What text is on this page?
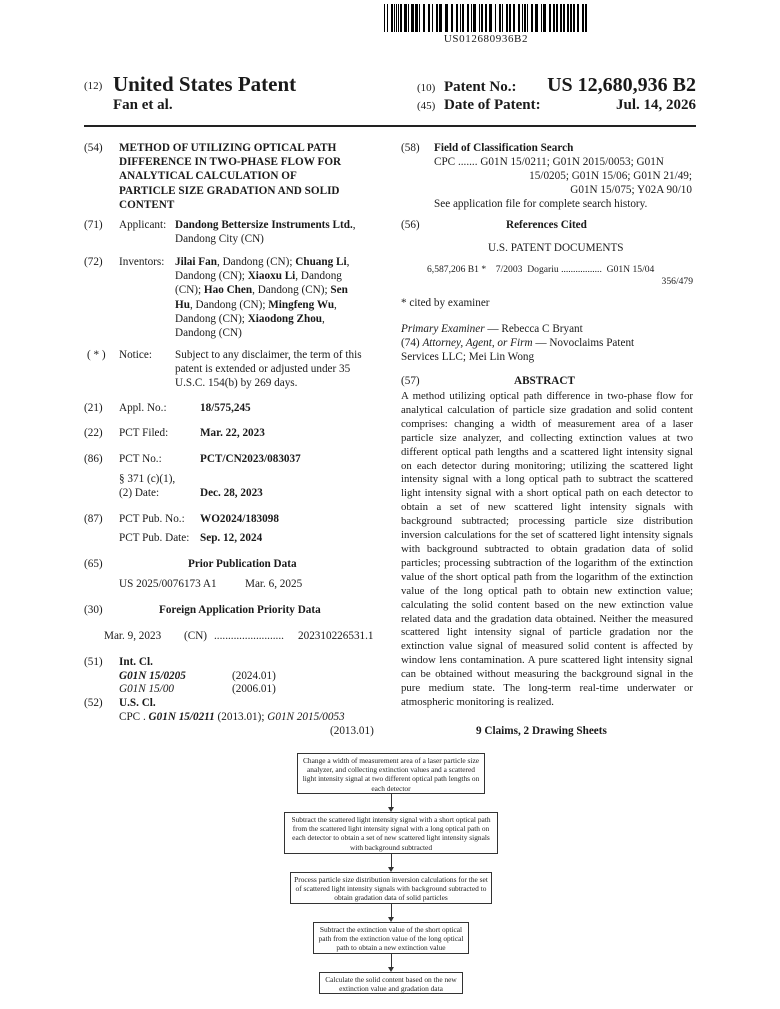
US012680936B2
(12) United States Patent
Fan et al.
(10) Patent No.:	US 12,680,936 B2
(45) Date of Patent:	Jul. 14, 2026
(54) METHOD OF UTILIZING OPTICAL PATH
DIFFERENCE IN TWO-PHASE FLOW FOR
ANALYTICAL CALCULATION OF
PARTICLE SIZE GRADATION AND SOLID
CONTENT
(71) Applicant: Dandong Bettersize Instruments Ltd.,
Dandong City (CN)
(72) Inventors: Jilai Fan, Dandong (CN); Chuang Li,
Dandong (CN); Xiaoxu Li, Dandong
(CN); Hao Chen, Dandong (CN); Sen
Hu, Dandong (CN); Mingfeng Wu,
Dandong (CN); Xiaodong Zhou,
Dandong (CN)
( * ) Notice: Subject to any disclaimer, the term of this
patent is extended or adjusted under 35
U.S.C. 154(b) by 269 days.
(21) Appl. No.:	18/575,245
(22) PCT Filed:	Mar. 22, 2023
(86) PCT No.:	PCT/CN2023/083037
§ 371 (c)(1),
(2) Date:	Dec. 28, 2023
(87) PCT Pub. No.: WO2024/183098
PCT Pub. Date: Sep. 12, 2024
(65)	Prior Publication Data
US 2025/0076173 A1	Mar. 6, 2025
(30)	Foreign Application Priority Data
Mar. 9, 2023 (CN) ......................... 202310226531.1
(51) Int. Cl.
G01N 15/0205	(2024.01)
G01N 15/00	(2006.01)
(52) U.S. Cl.
CPC . G01N 15/0211 (2013.01); G01N 2015/0053
(2013.01)
(58) Field of Classification Search
CPC ....... G01N 15/0211; G01N 2015/0053; G01N
15/0205; G01N 15/06; G01N 21/49;
G01N 15/075; Y02A 90/10
See application file for complete search history.
(56)	References Cited
U.S. PATENT DOCUMENTS
6,587,206 B1 * 7/2003 Dogariu ................. G01N 15/04
356/479
* cited by examiner
Primary Examiner — Rebecca C Bryant
(74) Attorney, Agent, or Firm — Novoclaims Patent
Services LLC; Mei Lin Wong
(57)	ABSTRACT
A method utilizing optical path difference in two-phase flow for analytical calculation of particle size gradation and solid content comprises: changing a width of measurement area of a laser particle size analyzer, and collecting extinction values at two different optical path lengths and a scattered light intensity signal on each detector during monitoring; utilizing the scattered light intensity signal with a long optical path to subtract the scattered light intensity signal with a short optical path on each detector to obtain a set of new scattered light intensity signals with background subtracted; processing particle size distribution inversion calculations for the set of scattered light intensity signals with background subtracted to obtain gradation data of solid particles; processing subtraction of the logarithm of the extinction value of the short optical path from the logarithm of the extinction value of the long optical path to obtain new extinction value; calculating the solid content based on the new extinction value related data and the gradation data obtained. Neither the measured scattered light intensity signal of particle gradation nor the extinction value signal of measured solid content is affected by window lens contamination. A pure scattered light intensity signal can be obtained without measuring the background signal in the pure medium state. The long-term real-time underwater or atmospheric monitoring is realized.
9 Claims, 2 Drawing Sheets
Change a width of measurement area of a laser particle size analyzer, and collecting extinction values and a scattered light intensity signal at two different optical path lengths on each detector
Subtract the scattered light intensity signal with a short optical path from the scattered light intensity signal with a long optical path on each detector to obtain a set of new scattered light intensity signals with background subtracted
Process particle size distribution inversion calculations for the set of scattered light intensity signals with background subtracted to obtain gradation data of solid particles
Subtract the extinction value of the short optical path from the extinction value of the long optical path to obtain a new extinction value
Calculate the solid content based on the new extinction value and gradation data
